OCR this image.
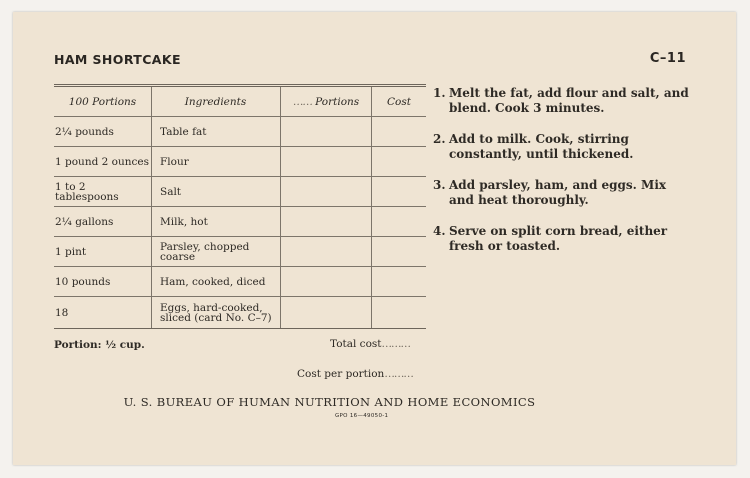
HAM SHORTCAKE	C–11
100 Portions	Ingredients	…… Portions	Cost
2¼ pounds	Table fat		
1 pound 2 ounces	Flour		
1 to 2 tablespoons	Salt		
2¼ gallons	Milk, hot		
1 pint	Parsley, chopped coarse		
10 pounds	Ham, cooked, diced		
18	Eggs, hard-cooked, sliced (card No. C–7)		
1. Melt the fat, add flour and salt, and blend. Cook 3 minutes.
2. Add to milk. Cook, stirring constantly, until thickened.
3. Add parsley, ham, and eggs. Mix and heat thoroughly.
4. Serve on split corn bread, either fresh or toasted.
Portion: ½ cup.	Total cost………
Cost per portion………
U. S. BUREAU OF HUMAN NUTRITION AND HOME ECONOMICS
GPO 16—49050-1
